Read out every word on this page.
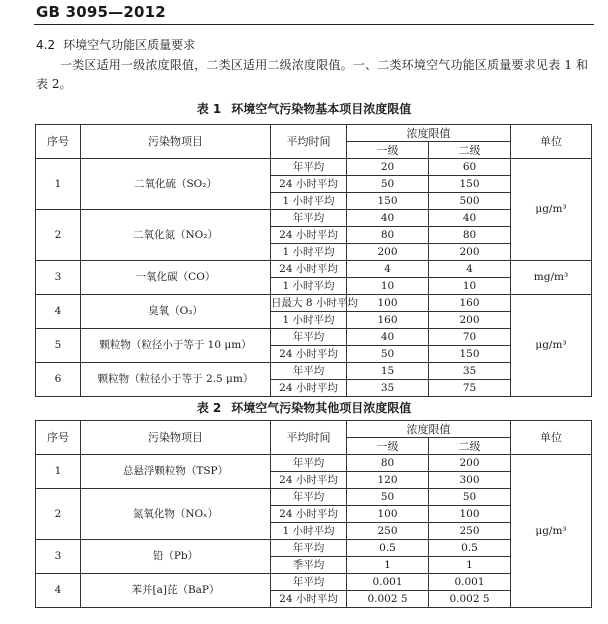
GB 3095—2012
4.2 环境空气功能区质量要求
一类区适用一级浓度限值，二类区适用二级浓度限值。一、二类环境空气功能区质量要求见表 1 和表 2。
表 1 环境空气污染物基本项目浓度限值
序号	污染物项目	平均时间	浓度限值		单位
			一级	二级	
1	二氧化硫（SO₂）	年平均	20	60	μg/m³
		24 小时平均	50	150	
		1 小时平均	150	500	
2	二氧化氮（NO₂）	年平均	40	40	
		24 小时平均	80	80	
		1 小时平均	200	200	
3	一氧化碳（CO）	24 小时平均	4	4	mg/m³
		1 小时平均	10	10	
4	臭氧（O₃）	日最大 8 小时平均	100	160	μg/m³
		1 小时平均	160	200	
5	颗粒物（粒径小于等于 10 μm）	年平均	40	70	
		24 小时平均	50	150	
6	颗粒物（粒径小于等于 2.5 μm）	年平均	15	35	
		24 小时平均	35	75	
表 2 环境空气污染物其他项目浓度限值
序号	污染物项目	平均时间	浓度限值		单位
			一级	二级	
1	总悬浮颗粒物（TSP）	年平均	80	200	μg/m³
		24 小时平均	120	300	
2	氮氧化物（NOₓ）	年平均	50	50	
		24 小时平均	100	100	
		1 小时平均	250	250	
3	铅（Pb）	年平均	0.5	0.5	
		季平均	1	1	
4	苯并[a]芘（BaP）	年平均	0.001	0.001	
		24 小时平均	0.002 5	0.002 5	
